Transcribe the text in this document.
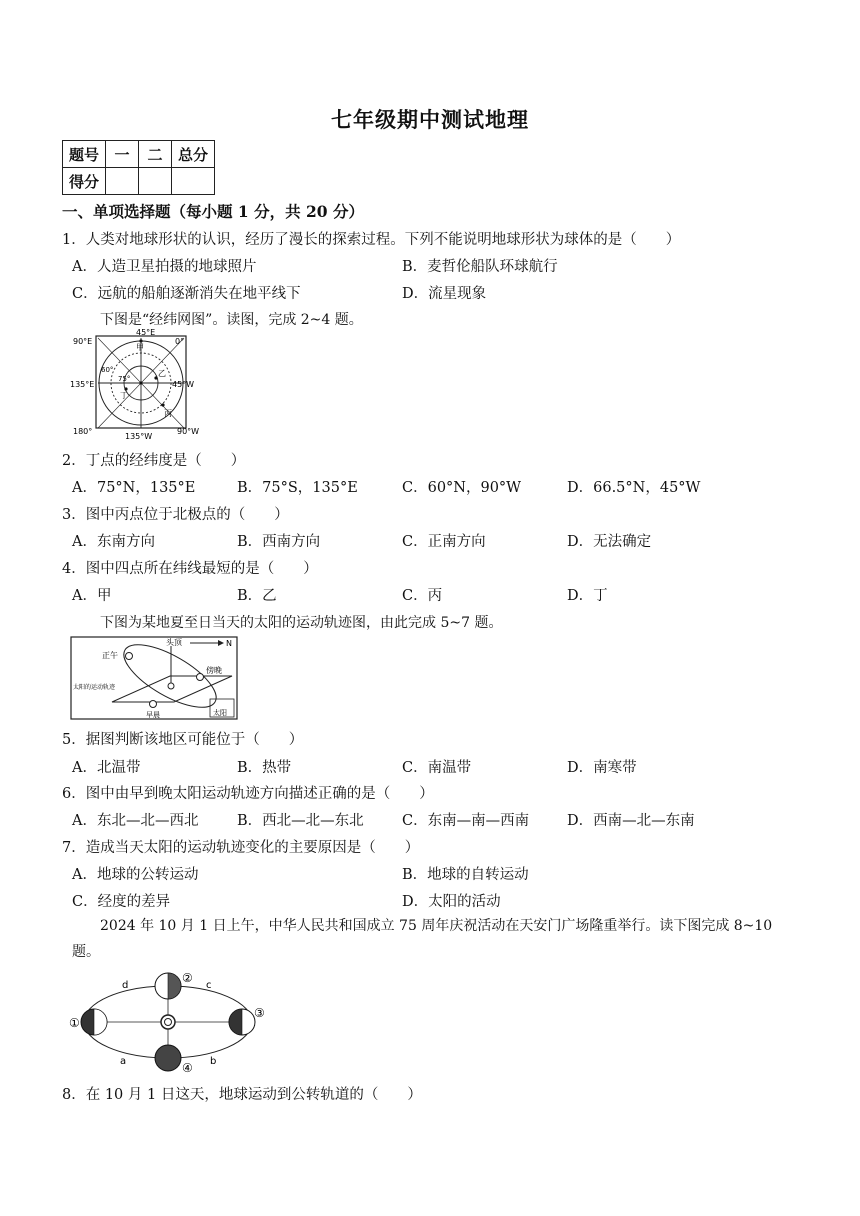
七年级期中测试地理
题号	一	二	总分
得分			
一、单项选择题（每小题 1 分，共 20 分）
1．人类对地球形状的认识，经历了漫长的探索过程。下列不能说明地球形状为球体的是（　　）
A．人造卫星拍摄的地球照片	B．麦哲伦船队环球航行
C．远航的船舶逐渐消失在地平线下	D．流星现象
下图是“经纬网图”。读图，完成 2~4 题。
45°E
0°
90°E
135°E	45°W
180°
135°W
90°W
60°
75°
甲
乙
丙
丁
2．丁点的经纬度是（　　）
A．75°N，135°E	B．75°S，135°E	C．60°N，90°W	D．66.5°N，45°W
3．图中丙点位于北极点的（　　）
A．东南方向	B．西南方向	C．正南方向	D．无法确定
4．图中四点所在纬线最短的是（　　）
A．甲	B．乙	C．丙	D．丁
下图为某地夏至日当天的太阳的运动轨迹图，由此完成 5~7 题。
头顶	N
正午
傍晚
早晨
太阳的运动轨迹
太阳
5．据图判断该地区可能位于（　　）
A．北温带	B．热带	C．南温带	D．南寒带
6．图中由早到晚太阳运动轨迹方向描述正确的是（　　）
A．东北—北—西北	B．西北—北—东北	C．东南—南—西南	D．西南—北—东南
7．造成当天太阳的运动轨迹变化的主要原因是（　　）
A．地球的公转运动	B．地球的自转运动
C．经度的差异	D．太阳的活动
2024 年 10 月 1 日上午，中华人民共和国成立 75 周年庆祝活动在天安门广场隆重举行。读下图完成 8~10 题。
①
②
③
④
a	b
c
d
8．在 10 月 1 日这天，地球运动到公转轨道的（　　）
